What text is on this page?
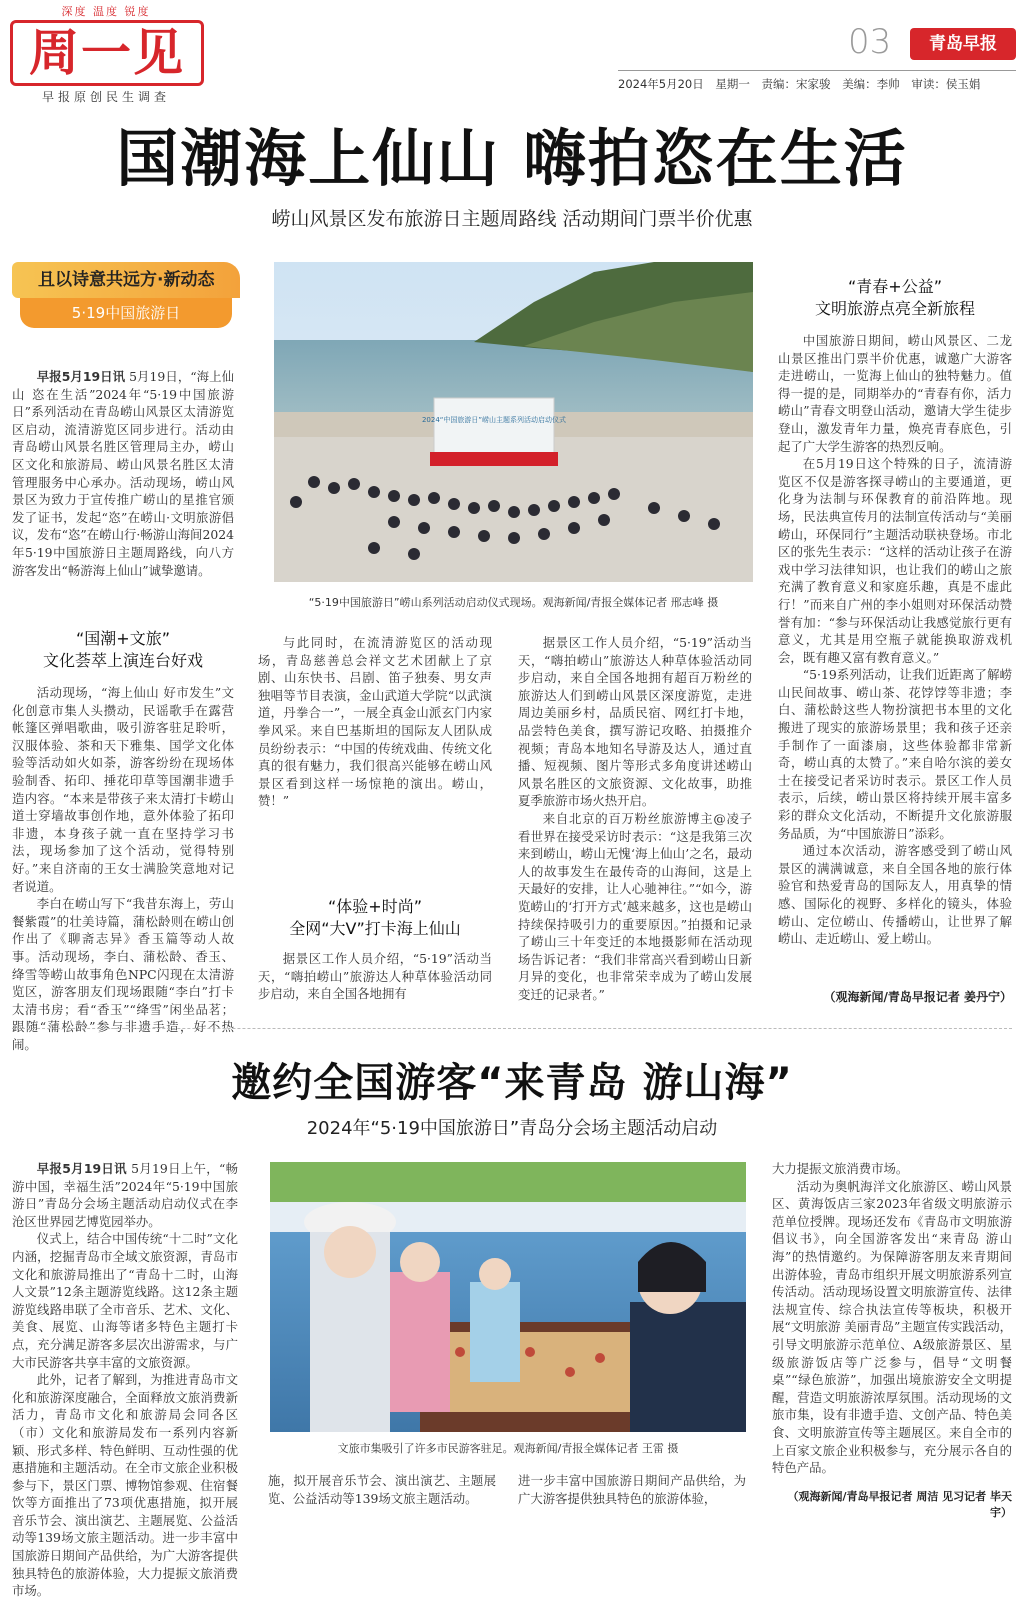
深度 温度 锐度
周一见
早报原创民生调查
03	青岛早报
2024年5月20日 星期一 责编：宋家骏 美编：李帅 审读：侯玉娟
国潮海上仙山 嗨拍恣在生活
崂山风景区发布旅游日主题周路线 活动期间门票半价优惠
且以诗意共远方·新动态
5·19中国旅游日

早报5月19日讯 5月19日，“海上仙山 恣在生活”2024年“5·19中国旅游日”系列活动在青岛崂山风景区太清游览区启动，流清游览区同步进行。活动由青岛崂山风景名胜区管理局主办，崂山区文化和旅游局、崂山风景名胜区太清管理服务中心承办。活动现场，崂山风景区为致力于宣传推广崂山的星推官颁发了证书，发起“恣”在崂山·文明旅游倡议，发布“恣”在崂山行·畅游山海间2024年5·19中国旅游日主题周路线，向八方游客发出“畅游海上仙山”诚挚邀请。

2024“中国旅游日”崂山主题系列活动启动仪式
“5·19中国旅游日”崂山系列活动启动仪式现场。观海新闻/青报全媒体记者 邢志峰 摄
“国潮+文旅”
文化荟萃上演连台好戏

活动现场，“海上仙山 好市发生”文化创意市集人头攒动，民谣歌手在露营帐篷区弹唱歌曲，吸引游客驻足聆听，汉服体验、茶和天下雅集、国学文化体验等活动如火如荼，游客纷纷在现场体验制香、拓印、捶花印草等国潮非遗手造内容。“本来是带孩子来太清打卡崂山道士穿墙故事创作地，意外体验了拓印非遗，本身孩子就一直在坚持学习书法，现场参加了这个活动，觉得特别好。”来自济南的王女士满脸笑意地对记者说道。

李白在崂山写下“我昔东海上，劳山餐紫霞”的壮美诗篇，蒲松龄则在崂山创作出了《聊斋志异》香玉篇等动人故事。活动现场，李白、蒲松龄、香玉、绛雪等崂山故事角色NPC闪现在太清游览区，游客朋友们现场跟随“李白”打卡太清书房；看“香玉”“绛雪”闲坐品茗；跟随“蒲松龄”参与非遗手造，好不热闹。

与此同时，在流清游览区的活动现场，青岛慈善总会祥文艺术团献上了京剧、山东快书、吕剧、笛子独奏、男女声独唱等节目表演，金山武道大学院“以武演道，丹拳合一”，一展全真金山派玄门内家拳风采。来自巴基斯坦的国际友人团队成员纷纷表示：“中国的传统戏曲、传统文化真的很有魅力，我们很高兴能够在崂山风景区看到这样一场惊艳的演出。崂山，赞！”

“体验+时尚”
全网“大V”打卡海上仙山

据景区工作人员介绍，“5·19”活动当天，“嗨拍崂山”旅游达人种草体验活动同步启动，来自全国各地拥有

据景区工作人员介绍，“5·19”活动当天，“嗨拍崂山”旅游达人种草体验活动同步启动，来自全国各地拥有超百万粉丝的旅游达人们到崂山风景区深度游览，走进周边美丽乡村，品质民宿、网红打卡地，品尝特色美食，撰写游记攻略、拍摄推介视频；青岛本地知名导游及达人，通过直播、短视频、图片等形式多角度讲述崂山风景名胜区的文旅资源、文化故事，助推夏季旅游市场火热开启。

来自北京的百万粉丝旅游博主@凌子看世界在接受采访时表示：“这是我第三次来到崂山，崂山无愧‘海上仙山’之名，最动人的故事发生在最传奇的山海间，这是上天最好的安排，让人心驰神往。”“如今，游览崂山的‘打开方式’越来越多，这也是崂山持续保持吸引力的重要原因。”拍摄和记录了崂山三十年变迁的本地摄影师在活动现场告诉记者：“我们非常高兴看到崂山日新月异的变化，也非常荣幸成为了崂山发展变迁的记录者。”

“青春+公益”
文明旅游点亮全新旅程

中国旅游日期间，崂山风景区、二龙山景区推出门票半价优惠，诚邀广大游客走进崂山，一览海上仙山的独特魅力。值得一提的是，同期举办的“青春有你，活力崂山”青春文明登山活动，邀请大学生徒步登山，激发青年力量，焕亮青春底色，引起了广大学生游客的热烈反响。

在5月19日这个特殊的日子，流清游览区不仅是游客探寻崂山的主要通道，更化身为法制与环保教育的前沿阵地。现场，民法典宣传月的法制宣传活动与“美丽崂山，环保同行”主题活动联袂登场。市北区的张先生表示：“这样的活动让孩子在游戏中学习法律知识，也让我们的崂山之旅充满了教育意义和家庭乐趣，真是不虚此行！”而来自广州的李小姐则对环保活动赞誉有加：“参与环保活动让我感觉旅行更有意义，尤其是用空瓶子就能换取游戏机会，既有趣又富有教育意义。”

“5·19系列活动，让我们近距离了解崂山民间故事、崂山茶、花饽饽等非遗；李白、蒲松龄这些人物扮演把书本里的文化搬进了现实的旅游场景里；我和孩子还亲手制作了一面漆扇，这些体验都非常新奇，崂山真的太赞了。”来自哈尔滨的姜女士在接受记者采访时表示。景区工作人员表示，后续，崂山景区将持续开展丰富多彩的群众文化活动，不断提升文化旅游服务品质，为“中国旅游日”添彩。

通过本次活动，游客感受到了崂山风景区的满满诚意，来自全国各地的旅行体验官和热爱青岛的国际友人，用真挚的情感、国际化的视野、多样化的镜头，体验崂山、定位崂山、传播崂山，让世界了解崂山、走近崂山、爱上崂山。

（观海新闻/青岛早报记者 姜丹宁）
邀约全国游客“来青岛 游山海”
2024年“5·19中国旅游日”青岛分会场主题活动启动

早报5月19日讯 5月19日上午，“畅游中国，幸福生活”2024年“5·19中国旅游日”青岛分会场主题活动启动仪式在李沧区世界园艺博览园举办。

仪式上，结合中国传统“十二时”文化内涵，挖掘青岛市全域文旅资源，青岛市文化和旅游局推出了“青岛十二时，山海人文景”12条主题游览线路。这12条主题游览线路串联了全市音乐、艺术、文化、美食、展览、山海等诸多特色主题打卡点，充分满足游客多层次出游需求，与广大市民游客共享丰富的文旅资源。

此外，记者了解到，为推进青岛市文化和旅游深度融合，全面释放文旅消费新活力，青岛市文化和旅游局会同各区（市）文化和旅游局发布一系列内容新颖、形式多样、特色鲜明、互动性强的优惠措施和主题活动。在全市文旅企业积极参与下，景区门票、博物馆参观、住宿餐饮等方面推出了73项优惠措施，拟开展音乐节会、演出演艺、主题展览、公益活动等139场文旅主题活动。进一步丰富中国旅游日期间产品供给，为广大游客提供独具特色的旅游体验，大力提振文旅消费市场。

文旅市集吸引了许多市民游客驻足。观海新闻/青报全媒体记者 王雷 摄

施，拟开展音乐节会、演出演艺、主题展览、公益活动等139场文旅主题活动。

进一步丰富中国旅游日期间产品供给，为广大游客提供独具特色的旅游体验，

大力提振文旅消费市场。

活动为奥帆海洋文化旅游区、崂山风景区、黄海饭店三家2023年省级文明旅游示范单位授牌。现场还发布《青岛市文明旅游倡议书》，向全国游客发出“来青岛 游山海”的热情邀约。为保障游客朋友来青期间出游体验，青岛市组织开展文明旅游系列宣传活动。活动现场设置文明旅游宣传、法律法规宣传、综合执法宣传等板块，积极开展“文明旅游 美丽青岛”主题宣传实践活动，引导文明旅游示范单位、A级旅游景区、星级旅游饭店等广泛参与，倡导“文明餐桌”“绿色旅游”，加强出境旅游安全文明提醒，营造文明旅游浓厚氛围。活动现场的文旅市集，设有非遗手造、文创产品、特色美食、文明旅游宣传等主题展区。来自全市的上百家文旅企业积极参与，充分展示各自的特色产品。

（观海新闻/青岛早报记者 周洁 见习记者 毕天宇）
